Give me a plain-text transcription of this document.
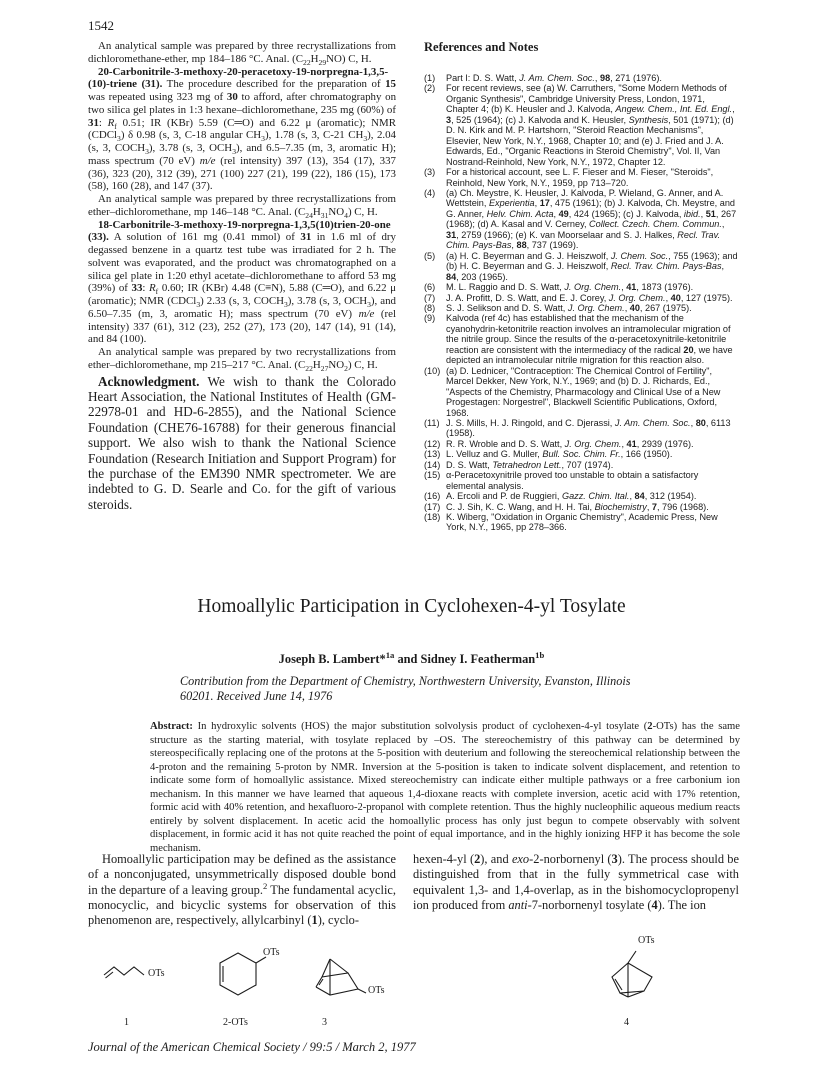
1542

An analytical sample was prepared by three recrystallizations from dichloromethane-ether, mp 184–186 °C. Anal. $(C_{22}H_{29}NO)$ C, H.

20-Carbonitrile-3-methoxy-20-peracetoxy-19-norpregna-1,3,5-(10)-triene (31). The procedure described for the preparation of 15 was repeated using 323 mg of 30 to afford, after chromatography on two silica gel plates in 1:3 hexane–dichloromethane, 235 mg (60%) of 31: $R_f$ 0.51; IR (KBr) 5.59 (C═O) and 6.22 μ (aromatic); NMR (CDCl$_3$) δ 0.98 (s, 3, C-18 angular $CH_3$), 1.78 (s, 3, C-21 $CH_3$), 2.04 (s, 3, $COCH_3$), 3.78 (s, 3, $OCH_3$), and 6.5–7.35 (m, 3, aromatic H); mass spectrum (70 eV) m/e (rel intensity) 397 (13), 354 (17), 337 (36), 323 (20), 312 (39), 271 (100) 227 (21), 199 (22), 186 (15), 173 (58), 160 (28), and 147 (37).

An analytical sample was prepared by three recrystallizations from ether–dichloromethane, mp 146–148 °C. Anal. $(C_{24}H_{31}NO_4)$ C, H.

18-Carbonitrile-3-methoxy-19-norpregna-1,3,5(10)trien-20-one (33). A solution of 161 mg (0.41 mmol) of 31 in 1.6 ml of dry degassed benzene in a quartz test tube was irradiated for 2 h. The solvent was evaporated, and the product was chromatographed on a silica gel plate in 1:20 ethyl acetate–dichloromethane to afford 53 mg (39%) of 33: $R_f$ 0.60; IR (KBr) 4.48 (C≡N), 5.88 (C═O), and 6.22 μ (aromatic); NMR (CDCl$_3$) 2.33 (s, 3, $COCH_3$), 3.78 (s, 3, $OCH_3$), and 6.50–7.35 (m, 3, aromatic H); mass spectrum (70 eV) m/e (rel intensity) 337 (61), 312 (23), 252 (27), 173 (20), 147 (14), 91 (14), and 84 (100).

An analytical sample was prepared by two recrystallizations from ether–dichloromethane, mp 215–217 °C. Anal. $(C_{22}H_{27}NO_2)$ C, H.

Acknowledgment. We wish to thank the Colorado Heart Association, the National Institutes of Health (GM-22978-01 and HD-6-2855), and the National Science Foundation (CHE76-16788) for their generous financial support. We also wish to thank the National Science Foundation (Research Initiation and Support Program) for the purchase of the EM390 NMR spectrometer. We are indebted to G. D. Searle and Co. for the gift of various steroids.

References and Notes
(1)	Part I: D. S. Watt, J. Am. Chem. Soc., 98, 271 (1976).
(2)	For recent reviews, see (a) W. Carruthers, "Some Modern Methods of Organic Synthesis", Cambridge University Press, London, 1971, Chapter 4; (b) K. Heusler and J. Kalvoda, Angew. Chem., Int. Ed. Engl., 3, 525 (1964); (c) J. Kalvoda and K. Heusler, Synthesis, 501 (1971); (d) D. N. Kirk and M. P. Hartshorn, "Steroid Reaction Mechanisms", Elsevier, New York, N.Y., 1968, Chapter 10; and (e) J. Fried and J. A. Edwards, Ed., "Organic Reactions in Steroid Chemistry", Vol. II, Van Nostrand-Reinhold, New York, N.Y., 1972, Chapter 12.
(3)	For a historical account, see L. F. Fieser and M. Fieser, "Steroids", Reinhold, New York, N.Y., 1959, pp 713–720.
(4)	(a) Ch. Meystre, K. Heusler, J. Kalvoda, P. Wieland, G. Anner, and A. Wettstein, Experientia, 17, 475 (1961); (b) J. Kalvoda, Ch. Meystre, and G. Anner, Helv. Chim. Acta, 49, 424 (1965); (c) J. Kalvoda, ibid., 51, 267 (1968); (d) A. Kasal and V. Cerney, Collect. Czech. Chem. Commun., 31, 2759 (1966); (e) K. van Moorselaar and S. J. Halkes, Recl. Trav. Chim. Pays-Bas, 88, 737 (1969).
(5)	(a) H. C. Beyerman and G. J. Heiszwolf, J. Chem. Soc., 755 (1963); and (b) H. C. Beyerman and G. J. Heiszwolf, Recl. Trav. Chim. Pays-Bas, 84, 203 (1965).
(6)	M. L. Raggio and D. S. Watt, J. Org. Chem., 41, 1873 (1976).
(7)	J. A. Profitt, D. S. Watt, and E. J. Corey, J. Org. Chem., 40, 127 (1975).
(8)	S. J. Selikson and D. S. Watt, J. Org. Chem., 40, 267 (1975).
(9)	Kalvoda (ref 4c) has established that the mechanism of the cyanohydrin-ketonitrile reaction involves an intramolecular migration of the nitrile group. Since the results of the α-peracetoxynitrile-ketonitrile reaction are consistent with the intermediacy of the radical 20, we have depicted an intramolecular nitrile migration for this reaction also.
(10) (a) D. Lednicer, "Contraception: The Chemical Control of Fertility", Marcel Dekker, New York, N.Y., 1969; and (b) D. J. Richards, Ed., "Aspects of the Chemistry, Pharmacology and Clinical Use of a New Progestagen: Norgestrel", Blackwell Scientific Publications, Oxford, 1968.
(11) J. S. Mills, H. J. Ringold, and C. Djerassi, J. Am. Chem. Soc., 80, 6113 (1958).
(12) R. R. Wroble and D. S. Watt, J. Org. Chem., 41, 2939 (1976).
(13) L. Velluz and G. Muller, Bull. Soc. Chim. Fr., 166 (1950).
(14) D. S. Watt, Tetrahedron Lett., 707 (1974).
(15) α-Peracetoxynitrile proved too unstable to obtain a satisfactory elemental analysis.
(16) A. Ercoli and P. de Ruggieri, Gazz. Chim. Ital., 84, 312 (1954).
(17) C. J. Sih, K. C. Wang, and H. H. Tai, Biochemistry, 7, 796 (1968).
(18) K. Wiberg, "Oxidation in Organic Chemistry", Academic Press, New York, N.Y., 1965, pp 278–366.
Homoallylic Participation in Cyclohexen-4-yl Tosylate
Joseph B. Lambert*$^{1a}$ and Sidney I. Featherman$^{1b}$
Contribution from the Department of Chemistry, Northwestern University, Evanston, Illinois 60201. Received June 14, 1976

Abstract: In hydroxylic solvents (HOS) the major substitution solvolysis product of cyclohexen-4-yl tosylate (2-OTs) has the same structure as the starting material, with tosylate replaced by –OS. The stereochemistry of this pathway can be determined by stereospecifically replacing one of the protons at the 5-position with deuterium and following the stereochemical relationship between the 4-proton and the remaining 5-proton by NMR. Inversion at the 5-position is taken to indicate solvent displacement, and retention to indicate some form of homoallylic assistance. Mixed stereochemistry can indicate either multiple pathways or a free carbonium ion mechanism. In this manner we have learned that aqueous 1,4-dioxane reacts with complete inversion, acetic acid with 17% retention, formic acid with 40% retention, and hexafluoro-2-propanol with complete retention. Thus the highly nucleophilic aqueous medium reacts entirely by solvent displacement. In acetic acid the homoallylic process has only just begun to compete observably with solvent displacement, in formic acid it has not quite reached the point of equal importance, and in the highly ionizing HFP it has become the sole mechanism.

Homoallylic participation may be defined as the assistance of a nonconjugated, unsymmetrically disposed double bond in the departure of a leaving group.$^2$ The fundamental acyclic, monocyclic, and bicyclic systems for observation of this phenomenon are, respectively, allylcarbinyl (1), cyclo-

hexen-4-yl (2), and exo-2-norbornenyl (3). The process should be distinguished from that in the fully symmetrical case with equivalent 1,3- and 1,4-overlap, as in the bishomocyclopropenyl ion produced from anti-7-norbornenyl tosylate (4). The ion

OTs
1
OTs
2-OTs
OTs
3
OTs
4
Journal of the American Chemical Society / 99:5 / March 2, 1977
